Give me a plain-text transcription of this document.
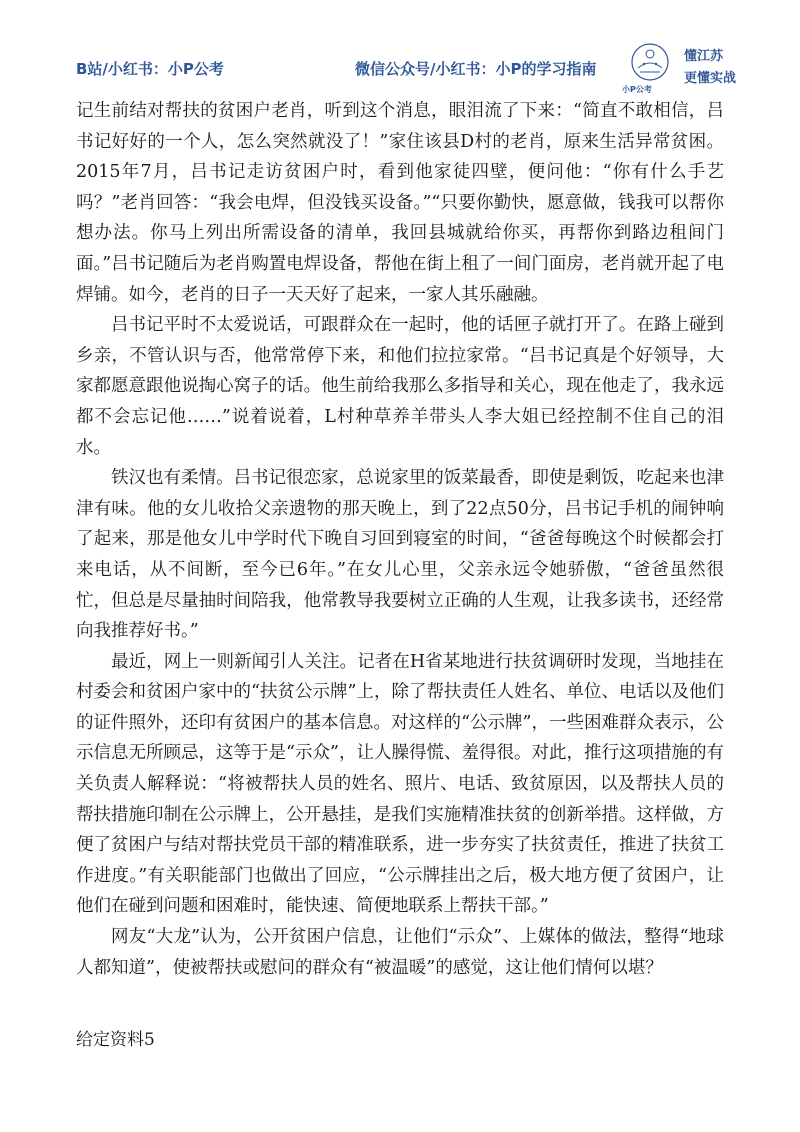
B站/小红书：小P公考	微信公众号/小红书：小P的学习指南
小P公考
懂江苏
更懂实战

记生前结对帮扶的贫困户老肖，听到这个消息，眼泪流了下来：“简直不敢相信，吕书记好好的一个人，怎么突然就没了！”家住该县D村的老肖，原来生活异常贫困。2015年7月，吕书记走访贫困户时，看到他家徒四壁，便问他：“你有什么手艺吗？”老肖回答：“我会电焊，但没钱买设备。”“只要你勤快，愿意做，钱我可以帮你想办法。你马上列出所需设备的清单，我回县城就给你买，再帮你到路边租间门面。”吕书记随后为老肖购置电焊设备，帮他在街上租了一间门面房，老肖就开起了电焊铺。如今，老肖的日子一天天好了起来，一家人其乐融融。

吕书记平时不太爱说话，可跟群众在一起时，他的话匣子就打开了。在路上碰到乡亲，不管认识与否，他常常停下来，和他们拉拉家常。“吕书记真是个好领导，大家都愿意跟他说掏心窝子的话。他生前给我那么多指导和关心，现在他走了，我永远都不会忘记他……”说着说着，L村种草养羊带头人李大姐已经控制不住自己的泪水。

铁汉也有柔情。吕书记很恋家，总说家里的饭菜最香，即使是剩饭，吃起来也津津有味。他的女儿收拾父亲遗物的那天晚上，到了22点50分，吕书记手机的闹钟响了起来，那是他女儿中学时代下晚自习回到寝室的时间，“爸爸每晚这个时候都会打来电话，从不间断，至今已6年。”在女儿心里，父亲永远令她骄傲，“爸爸虽然很忙，但总是尽量抽时间陪我，他常教导我要树立正确的人生观，让我多读书，还经常向我推荐好书。”

最近，网上一则新闻引人关注。记者在H省某地进行扶贫调研时发现，当地挂在村委会和贫困户家中的“扶贫公示牌”上，除了帮扶责任人姓名、单位、电话以及他们的证件照外，还印有贫困户的基本信息。对这样的“公示牌”，一些困难群众表示，公示信息无所顾忌，这等于是“示众”，让人臊得慌、羞得很。对此，推行这项措施的有关负责人解释说：“将被帮扶人员的姓名、照片、电话、致贫原因，以及帮扶人员的帮扶措施印制在公示牌上，公开悬挂，是我们实施精准扶贫的创新举措。这样做，方便了贫困户与结对帮扶党员干部的精准联系，进一步夯实了扶贫责任，推进了扶贫工作进度。”有关职能部门也做出了回应，“公示牌挂出之后，极大地方便了贫困户，让他们在碰到问题和困难时，能快速、简便地联系上帮扶干部。”

网友“大龙”认为，公开贫困户信息，让他们“示众”、上媒体的做法，整得“地球人都知道”，使被帮扶或慰问的群众有“被温暖”的感觉，这让他们情何以堪？

给定资料5
